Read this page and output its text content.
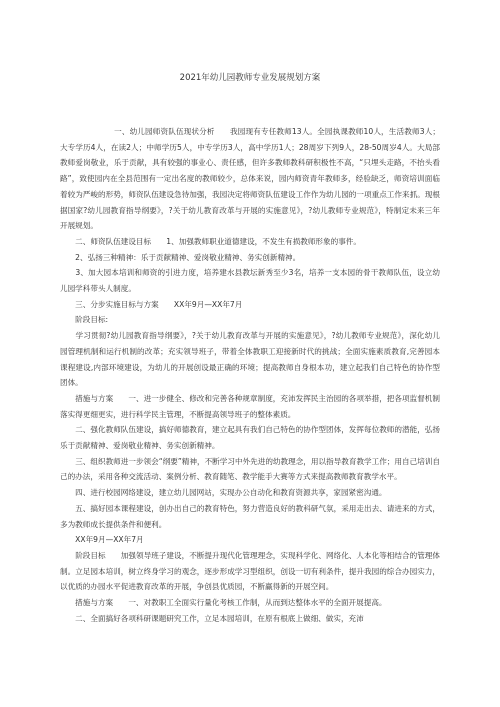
2021年幼儿园教师专业发展规划方案

　　　　　　　一、幼儿园师资队伍现状分析　　我园现有专任教师13人。全园执课教师10人，生活教师3人；大专学历4人，在读2人；中师学历5人，中专学历3人，高中学历1人；28周岁下列9人，28-50周岁4人。大局部教师爱岗敬业，乐于贡献，具有较强的事业心、责任感，但许多教师教科研积极性不高，“只埋头走路，不抬头看路”，致使园内在全县范围有一定出名度的教师较少，总体来说，园内师资青年教师多，经验缺乏，师资培训面临着较为严峻的形势，师资队伍建设急待加强，我园决定将师资队伍建设工作作为幼儿园的一项重点工作来抓。现根据国家?幼儿园教育指导纲要》，?关于幼儿教育改革与开展的实施意见》，?幼儿教师专业规范》，特制定未来三年开展规划。

　　二、师资队伍建设目标　　1、加强教师职业道德建设，不发生有损教师形象的事件。

　　2、弘扬三种精神：乐于贡献精神、爱岗敬业精神、务实创新精神。

　　3、加大园本培训和师资的引进力度，培养建水县教坛新秀至少3名，培养一支本园的骨干教师队伍，设立幼儿园学科带头人制度。

　　三、分步实施目标与方案　　XX年9月—XX年7月

　　阶段目标:

　　学习贯彻?幼儿园教育指导纲要》，?关于幼儿教育改革与开展的实施意见》，?幼儿教师专业规范》，深化幼儿园管理机制和运行机制的改革；充实领导班子，带着全体教职工迎接新时代的挑战；全面实施素质教育,完善园本课程建设,内部环境建设，为幼儿的开展创设最正确的环境；提高教师自身根本功，建立起我们自己特色的协作型团体。

　　措施与方案　　一、进一步健全、修改和完善各种规章制度，充沛发挥民主治园的各项举措，把各项监督机制落实得更细更实，进行科学民主管理，不断提高领导班子的整体素质。

　　二、强化教师队伍建设，搞好师德教育，建立起具有我们自己特色的协作型团体，发挥每位教师的潜能，弘扬乐于贡献精神、爱岗敬业精神、务实创新精神。

　　三、组织教师进一步领会“纲要”精神，不断学习中外先进的幼教理念，用以指导教育教学工作；用自己培训自己的办法，采用各种交流活动、案例分析、教育随笔、教学能手大赛等方式来提高教师教育教学水平。

　　四、进行校园网络建设，建立幼儿园网站，实现办公自动化和教育资源共享，家园紧密沟通。

　　五、搞好园本课程建设，创办出自己的教育特色，努力营造良好的教科研气氛，采用走出去、请进来的方式，多为教师成长提供条件和便利。

　　XX年9月—XX年7月

　　阶段目标　　加强领导班子建设，不断提升现代化管理理念，实现科学化、网络化、人本化等相结合的管理体制。立足园本培训，树立终身学习的观念，逐步形成学习型组织，创设一切有利条件，提升我园的综合办园实力，以优质的办园水平促进教育改革的开展，争创县优质园，不断赢得新的开展空间。

　　措施与方案　　一、对教职工全面实行量化考核工作制，从而到达整体水平的全面开展提高。

　　二、全面搞好各项科研课题研究工作，立足本园培训，在原有根底上做细、做实，充沛
